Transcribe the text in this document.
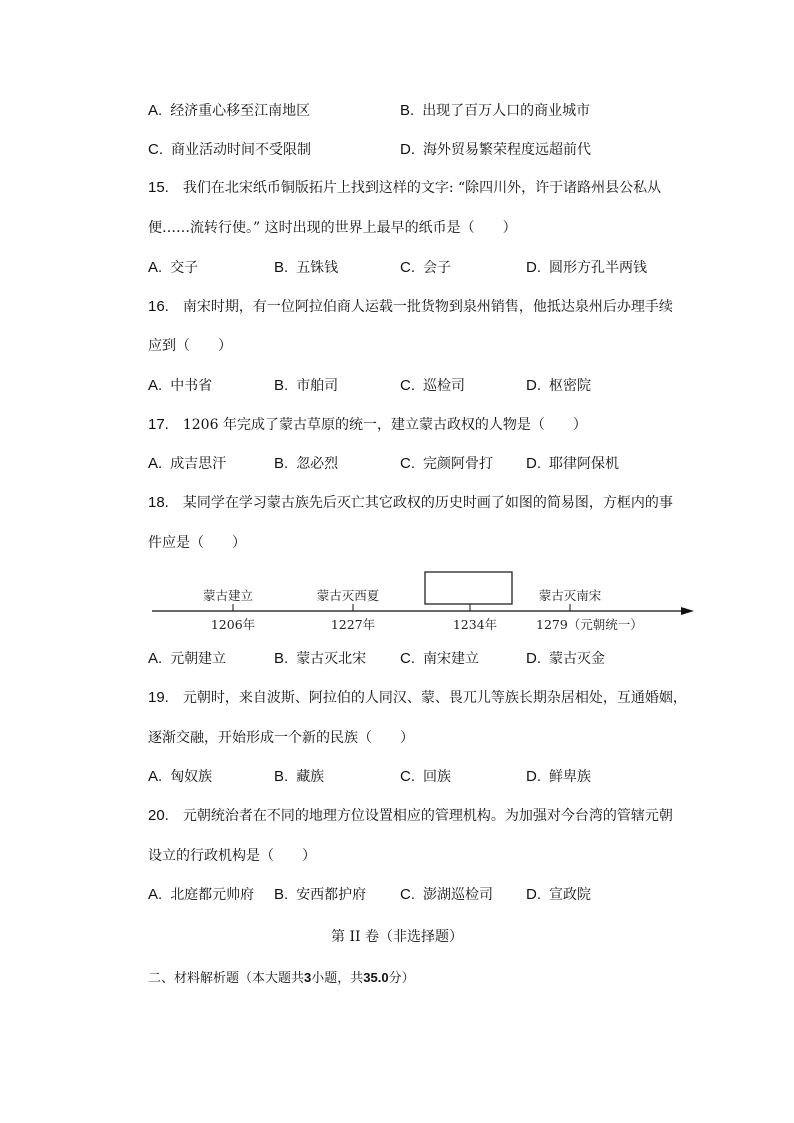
A. 经济重心移至江南地区	B. 出现了百万人口的商业城市
C. 商业活动时间不受限制	D. 海外贸易繁荣程度远超前代
15. 我们在北宋纸币铜版拓片上找到这样的文字: “除四川外，许于诸路州县公私从
便……流转行使。” 这时出现的世界上最早的纸币是（　　）
A. 交子	B. 五铢钱	C. 会子	D. 圆形方孔半两钱
16. 南宋时期，有一位阿拉伯商人运载一批货物到泉州销售，他抵达泉州后办理手续
应到（　　）
A. 中书省	B. 市舶司	C. 巡检司	D. 枢密院
17. 1206 年完成了蒙古草原的统一，建立蒙古政权的人物是（　　）
A. 成吉思汗	B. 忽必烈	C. 完颜阿骨打 D. 耶律阿保机
18. 某同学在学习蒙古族先后灭亡其它政权的历史时画了如图的简易图，方框内的事
件应是（　　）
蒙古建立	蒙古灭西夏	蒙古灭南宋
1206年	1227年	1234年	1279（元朝统一）
A. 元朝建立	B. 蒙古灭北宋 C. 南宋建立	D. 蒙古灭金
19. 元朝时，来自波斯、阿拉伯的人同汉、蒙、畏兀儿等族长期杂居相处，互通婚姻，
逐渐交融，开始形成一个新的民族（　　）
A. 匈奴族	B. 藏族	C. 回族	D. 鲜卑族
20. 元朝统治者在不同的地理方位设置相应的管理机构。为加强对今台湾的管辖元朝
设立的行政机构是（　　）
A. 北庭都元帅府 B. 安西都护府 C. 澎湖巡检司 D. 宣政院
第 II 卷（非选择题）
二、材料解析题（本大题共3小题，共35.0分）
